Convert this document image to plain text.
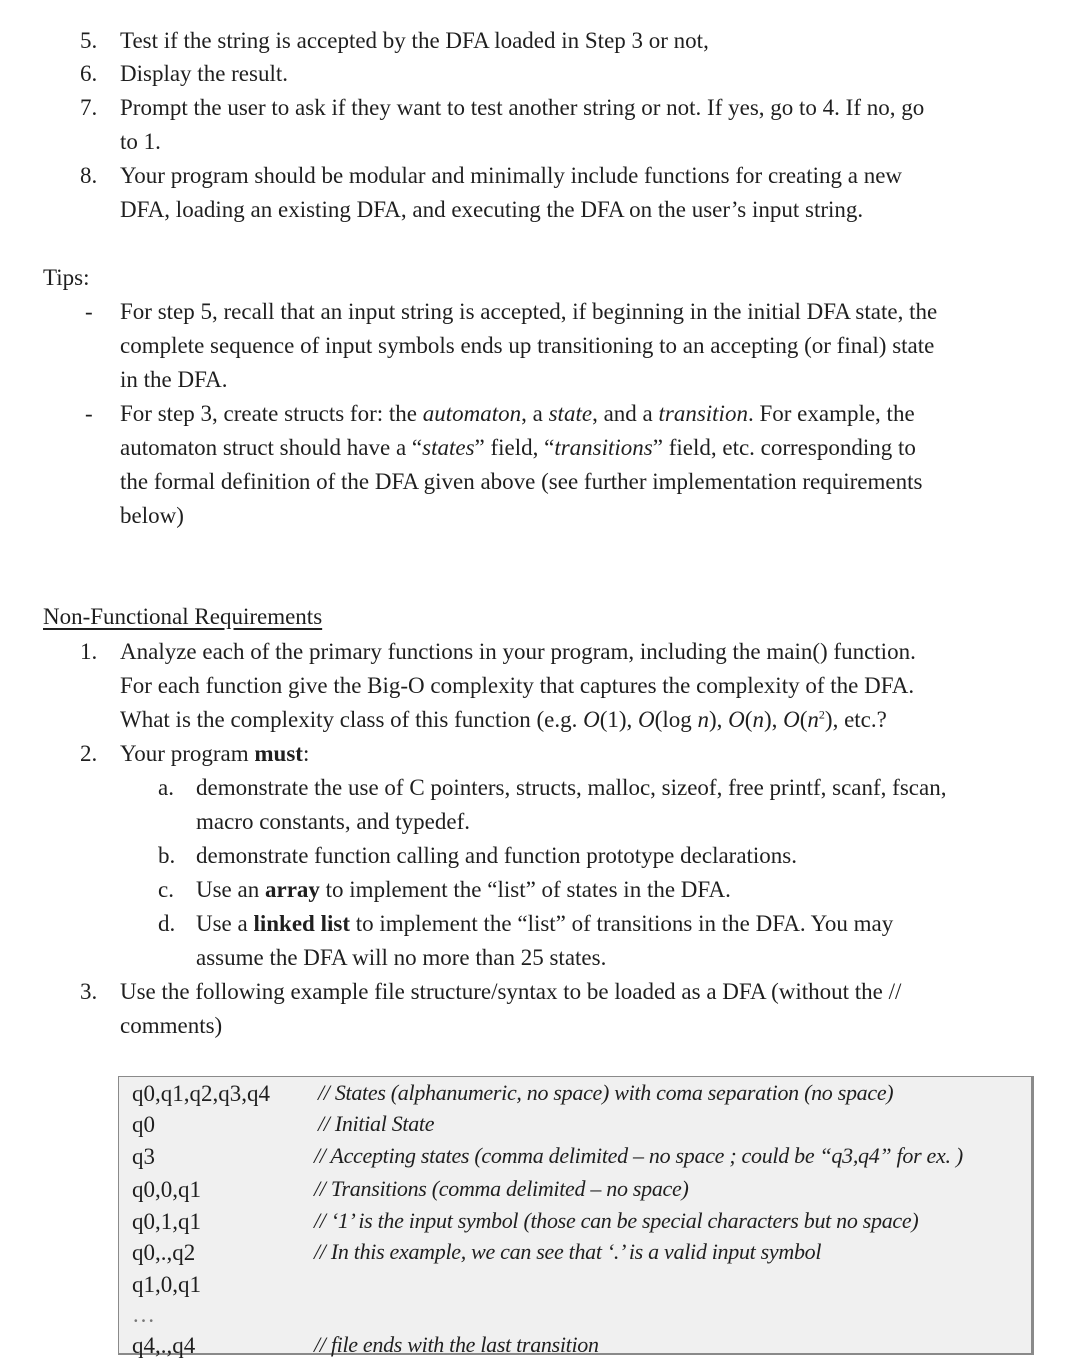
5. Test if the string is accepted by the DFA loaded in Step 3 or not,
6. Display the result.
7. Prompt the user to ask if they want to test another string or not. If yes, go to 4. If no, go
to 1.
8. Your program should be modular and minimally include functions for creating a new
DFA, loading an existing DFA, and executing the DFA on the user’s input string.
Tips:
- For step 5, recall that an input string is accepted, if beginning in the initial DFA state, the
complete sequence of input symbols ends up transitioning to an accepting (or final) state
in the DFA.
- For step 3, create structs for: the automaton, a state, and a transition. For example, the
automaton struct should have a “states” field, “transitions” field, etc. corresponding to
the formal definition of the DFA given above (see further implementation requirements
below)
Non-Functional Requirements
1. Analyze each of the primary functions in your program, including the main() function.
For each function give the Big-O complexity that captures the complexity of the DFA.
What is the complexity class of this function (e.g. O(1), O(log n), O(n), $O(n^2)$, etc.?
2. Your program must:
a. demonstrate the use of C pointers, structs, malloc, sizeof, free printf, scanf, fscan,
macro constants, and typedef.
b. demonstrate function calling and function prototype declarations.
c. Use an array to implement the “list” of states in the DFA.
d. Use a linked list to implement the “list” of transitions in the DFA. You may
assume the DFA will no more than 25 states.
3. Use the following example file structure/syntax to be loaded as a DFA (without the //
comments)
q0,q1,q2,q3,q4 // States (alphanumeric, no space) with coma separation (no space)
q0	// Initial State
q3	// Accepting states (comma delimited – no space ; could be “q3,q4” for ex. )
q0,0,q1	// Transitions (comma delimited – no space)
q0,1,q1	// ‘1’ is the input symbol (those can be special characters but no space)
q0,.,q2	// In this example, we can see that ‘.’ is a valid input symbol
q1,0,q1
…
q4,.,q4	// file ends with the last transition
